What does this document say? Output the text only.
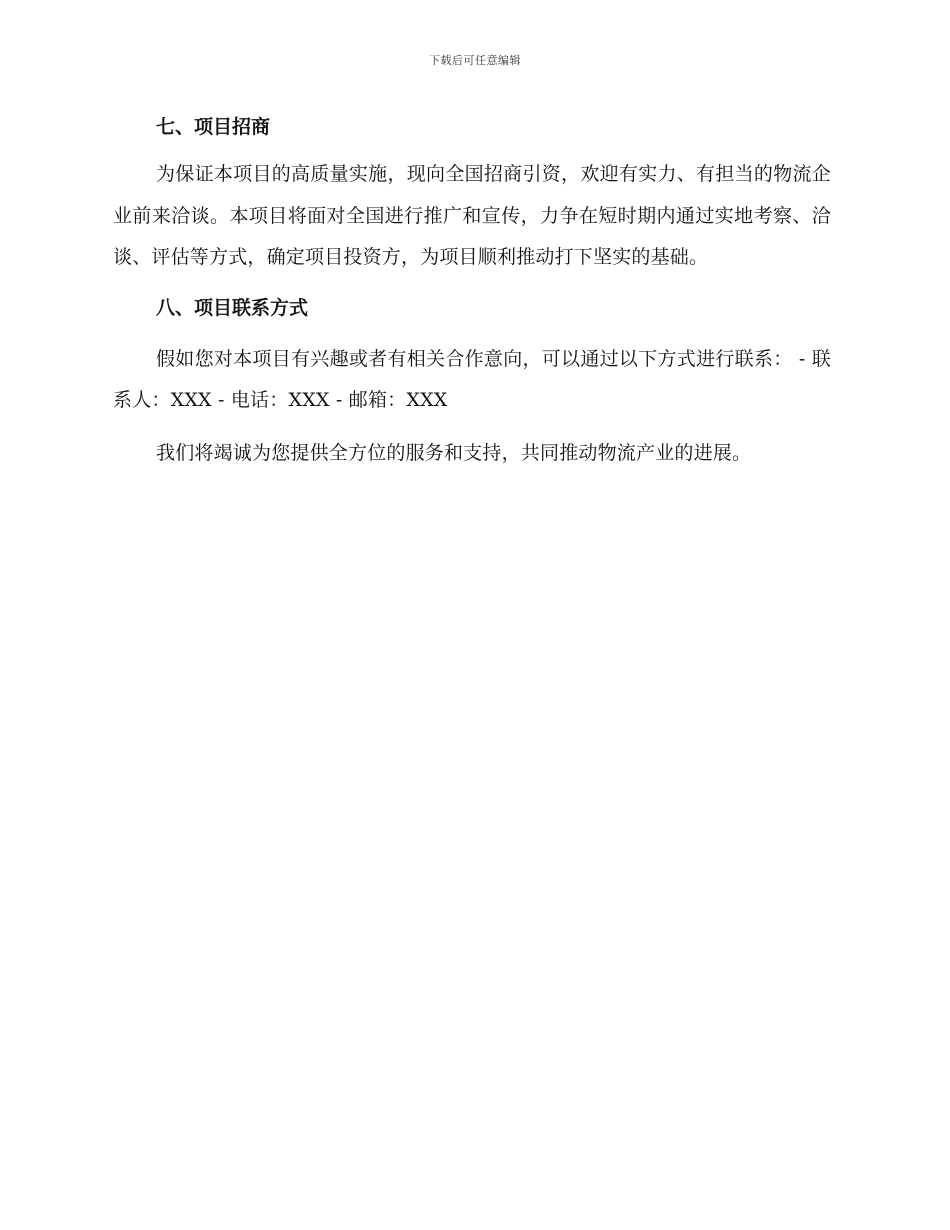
下载后可任意编辑
七、项目招商

为保证本项目的高质量实施，现向全国招商引资，欢迎有实力、有担当的物流企业前来洽谈。本项目将面对全国进行推广和宣传，力争在短时期内通过实地考察、洽谈、评估等方式，确定项目投资方，为项目顺利推动打下坚实的基础。

八、项目联系方式

假如您对本项目有兴趣或者有相关合作意向，可以通过以下方式进行联系： - 联系人：XXX - 电话：XXX - 邮箱：XXX

我们将竭诚为您提供全方位的服务和支持，共同推动物流产业的进展。
